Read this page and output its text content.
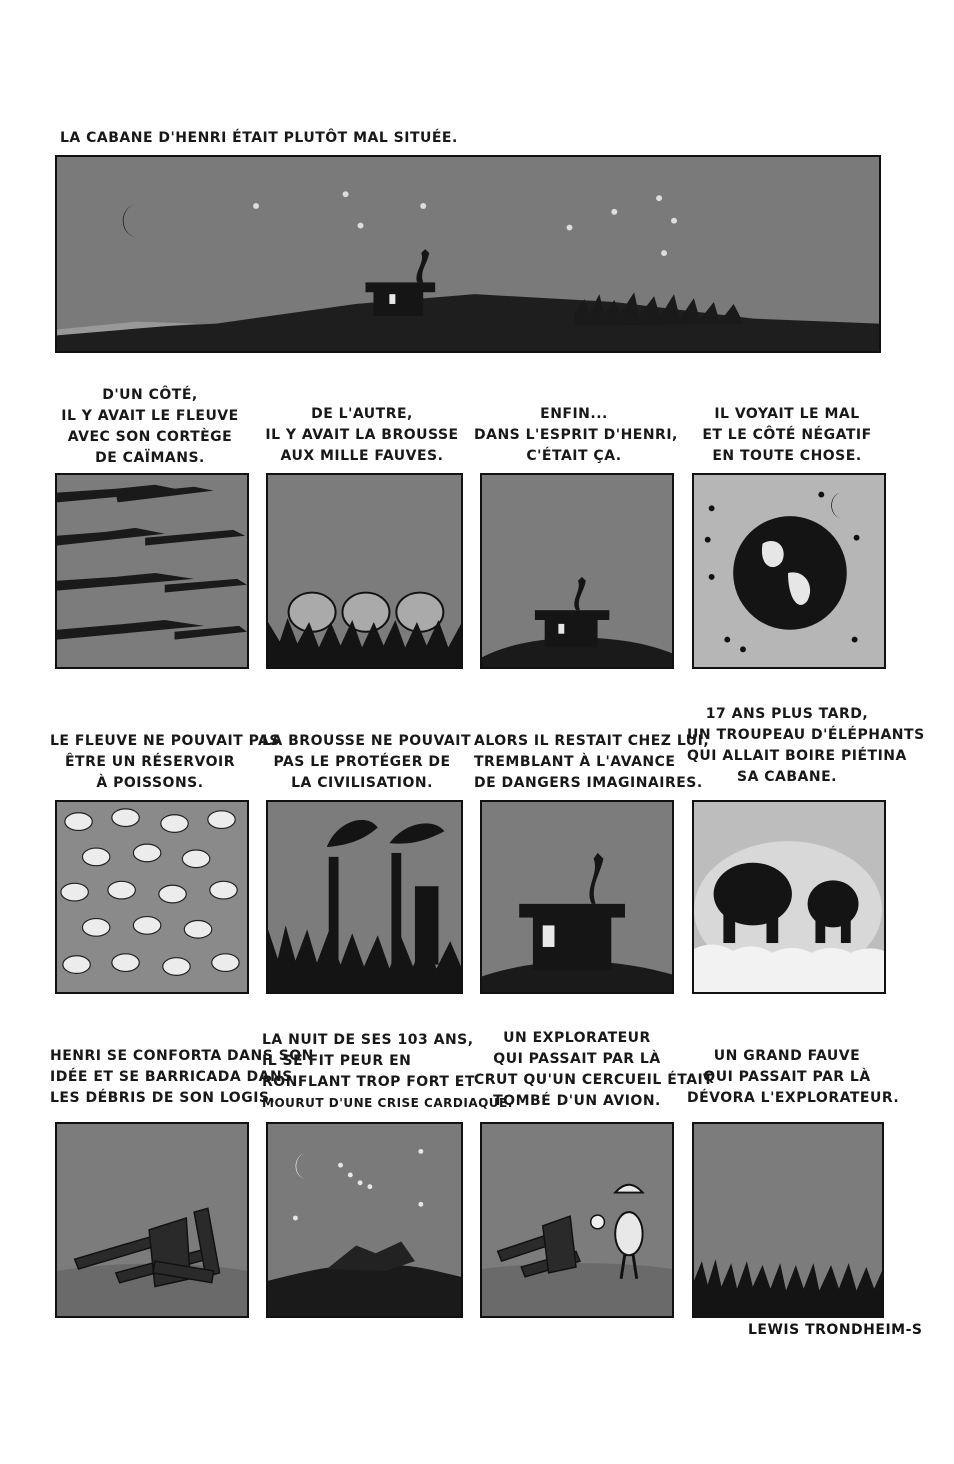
LA CABANE D'HENRI ÉTAIT PLUTÔT MAL SITUÉE.
D'UN CÔTÉ,
IL Y AVAIT LE FLEUVE
AVEC SON CORTÈGE
DE CAÏMANS.
DE L'AUTRE,
IL Y AVAIT LA BROUSSE
AUX MILLE FAUVES.
ENFIN...
DANS L'ESPRIT D'HENRI,
C'ÉTAIT ÇA.
IL VOYAIT LE MAL
ET LE CÔTÉ NÉGATIF
EN TOUTE CHOSE.
LE FLEUVE NE POUVAIT PAS
ÊTRE UN RÉSERVOIR
À POISSONS.
LA BROUSSE NE POUVAIT
PAS LE PROTÉGER DE
LA CIVILISATION.
ALORS IL RESTAIT CHEZ LUI,
TREMBLANT À L'AVANCE
DE DANGERS IMAGINAIRES.
17 ANS PLUS TARD,
UN TROUPEAU D'ÉLÉPHANTS
QUI ALLAIT BOIRE PIÉTINA
SA CABANE.
HENRI SE CONFORTA DANS SON
IDÉE ET SE BARRICADA DANS
LES DÉBRIS DE SON LOGIS.
LA NUIT DE SES 103 ANS,
IL SE FIT PEUR EN
RONFLANT TROP FORT ET
MOURUT D'UNE CRISE CARDIAQUE.
UN EXPLORATEUR
QUI PASSAIT PAR LÀ
CRUT QU'UN CERCUEIL ÉTAIT
TOMBÉ D'UN AVION.
UN GRAND FAUVE
QUI PASSAIT PAR LÀ
DÉVORA L'EXPLORATEUR.
LEWIS TRONDHEIM-S
